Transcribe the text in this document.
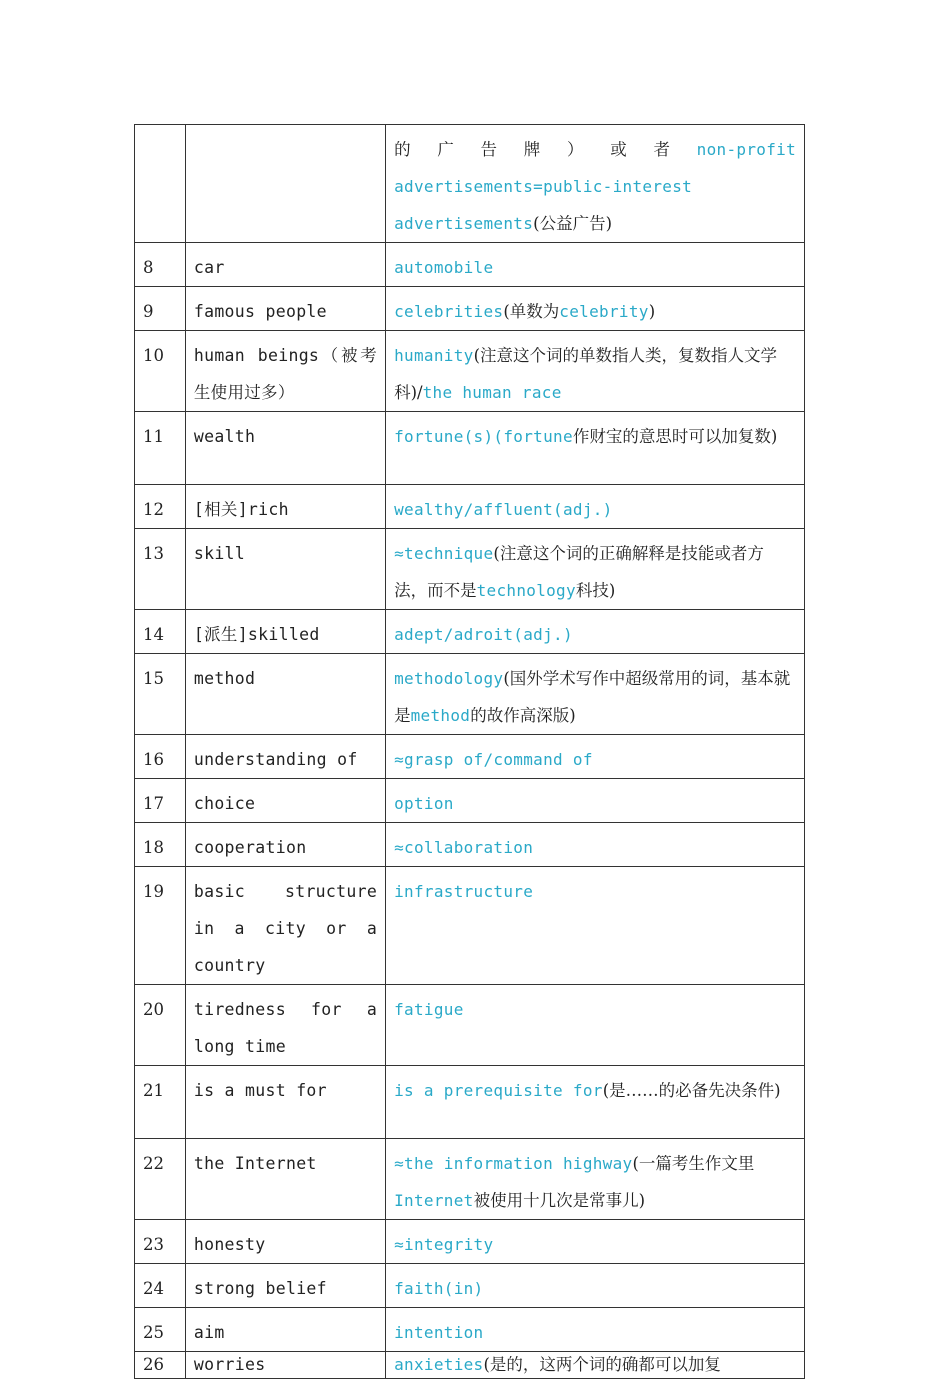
		的 广 告 牌 ） 或 者 non-profit advertisements=public-interest advertisements(公益广告)
8	car	automobile
9	famous people	celebrities(单数为celebrity)
10	human beings（被考生使用过多）	humanity(注意这个词的单数指人类，复数指人文学科)/the human race
11	wealth	fortune(s)(fortune作财宝的意思时可以加复数)
12	[相关]rich	wealthy/affluent(adj.)
13	skill	≈technique(注意这个词的正确解释是技能或者方法，而不是technology科技)
14	[派生]skilled	adept/adroit(adj.)
15	method	methodology(国外学术写作中超级常用的词，基本就是method的故作高深版)
16	understanding of	≈grasp of/command of
17	choice	option
18	cooperation	≈collaboration
19	basic structure in a city or a country	infrastructure
20	tiredness for a long time	fatigue
21	is a must for	is a prerequisite for(是……的必备先决条件)
22	the Internet	≈the information highway(一篇考生作文里Internet被使用十几次是常事儿)
23	honesty	≈integrity
24	strong belief	faith(in)
25	aim	intention
26	worries	anxieties(是的，这两个词的确都可以加复
